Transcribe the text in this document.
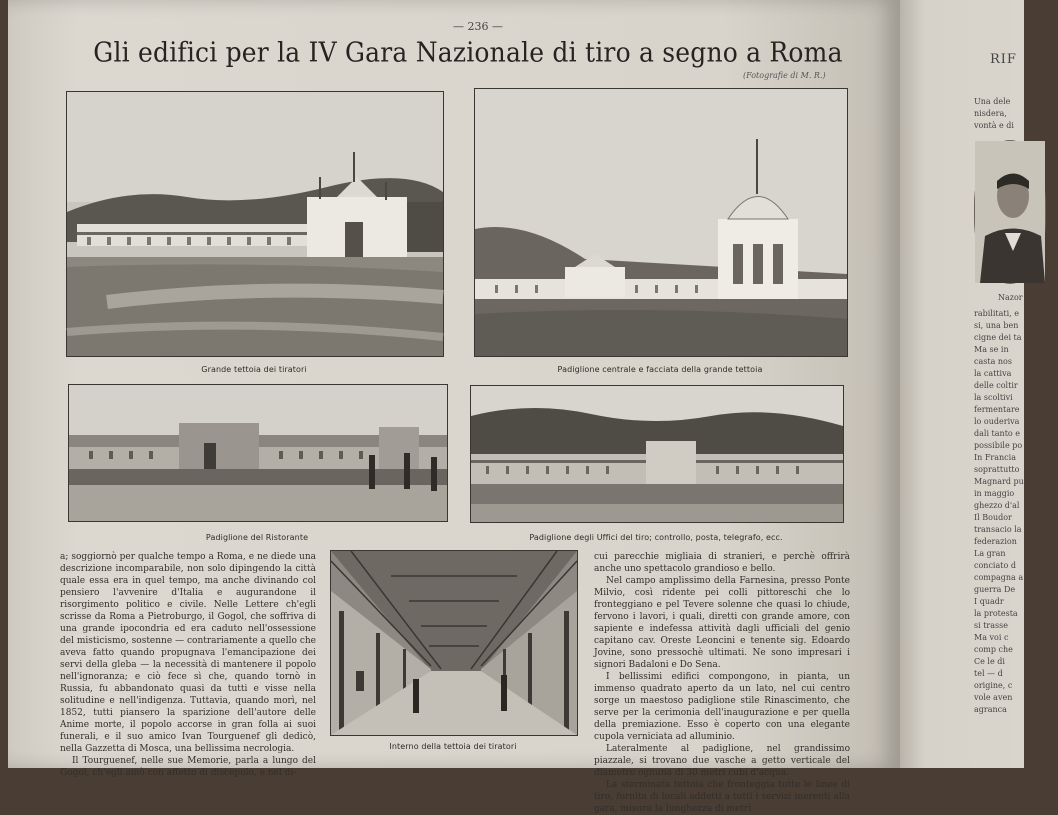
— 236 —
Gli edifici per la IV Gara Nazionale di tiro a segno a Roma
(Fotografie di M. R.)
Grande tettoia dei tiratori	Padiglione centrale e facciata della grande tettoia
Padiglione del Ristorante	Padiglione degli Uffici del tiro; controllo, posta, telegrafo, ecc.
Interno della tettoia dei tiratori

a; soggiornò per qualche tempo a Roma, e ne diede una descrizione incomparabile, non solo dipingendo la città quale essa era in quel tempo, ma anche divinando col pensiero l'avvenire d'Italia e augurandone il risorgimento politico e civile. Nelle Lettere ch'egli scrisse da Roma a Pietroburgo, il Gogol, che soffriva di una grande ipocondria ed era caduto nell'ossessione del misticismo, sostenne — contrariamente a quello che aveva fatto quando propugnava l'emancipazione dei servi della gleba — la necessità di mantenere il popolo nell'ignoranza; e ciò fece sì che, quando tornò in Russia, fu abbandonato quasi da tutti e visse nella solitudine e nell'indigenza. Tuttavia, quando morì, nel 1852, tutti piansero la sparizione dell'autore delle Anime morte, il popolo accorse in gran folla ai suoi funerali, e il suo amico Ivan Tourguenef gli dedicò, nella Gazzetta di Mosca, una bellissima necrologia.

Il Tourguenef, nelle sue Memorie, parla a lungo del Gogol, ch'egli amò con affetto di discepolo, e nel di-

cui parecchie migliaia di stranieri, e perchè offrirà anche uno spettacolo grandioso e bello.

Nel campo amplissimo della Farnesina, presso Ponte Milvio, così ridente pei colli pittoreschi che lo fronteggiano e pel Tevere solenne che quasi lo chiude, fervono i lavori, i quali, diretti con grande amore, con sapiente e indefessa attività dagli ufficiali del genio capitano cav. Oreste Leoncini e tenente sig. Edoardo Jovine, sono pressochè ultimati. Ne sono impresari i signori Badaloni e Do Sena.

I bellissimi edifici compongono, in pianta, un immenso quadrato aperto da un lato, nel cui centro sorge un maestoso padiglione stile Rinascimento, che serve per la cerimonia dell'inaugurazione e per quella della premiazione. Esso è coperto con una elegante cupola verniciata ad alluminio.

Lateralmente al padiglione, nel grandissimo piazzale, si trovano due vasche a getto verticale del diametro ognuna di 30 metri cubi d'acqua.

La sterminata tettoia che fronteggia tutte le linee di tiro, fornita di locali addetti a tutti i servizi inerenti alla gara, misura la lunghezza di metri

RIF
Una dele
nisdera,
vontà e di
Nazor
rabilitati, e
si, una ben
cigne dei ta
Ma se in
casta nos
la cattiva
delle coltir
la scoltivi
fermentare
lo ouderiva
dali tanto e
possibile po
In Francia
soprattutto
Magnard pu
in maggio
ghezzo d'al
Il Boudor
transacio la
federazion
La gran
conciato d
compagna a
guerra De
I quadr
la protesta
si trasse
Ma voi c
comp che
Ce le di
tel — d
origine, c
vole aven
agranca
